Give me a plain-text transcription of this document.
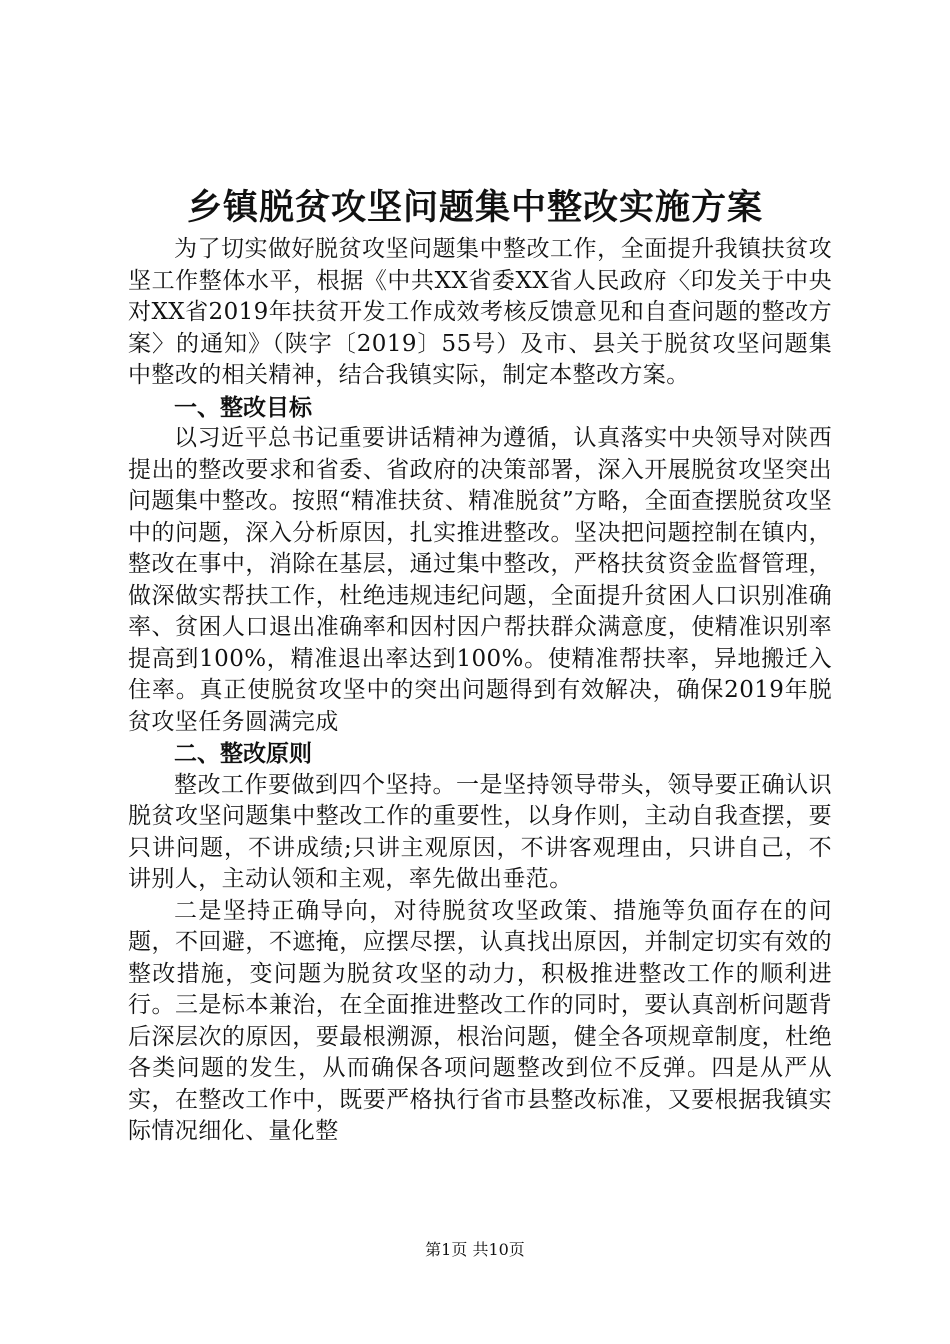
乡镇脱贫攻坚问题集中整改实施方案

为了切实做好脱贫攻坚问题集中整改工作，全面提升我镇扶贫攻坚工作整体水平，根据《中共XX省委XX省人民政府〈印发关于中央对XX省2019年扶贫开发工作成效考核反馈意见和自查问题的整改方案〉的通知》（陕字〔2019〕55号）及市、县关于脱贫攻坚问题集中整改的相关精神，结合我镇实际，制定本整改方案。

一、整改目标

以习近平总书记重要讲话精神为遵循，认真落实中央领导对陕西提出的整改要求和省委、省政府的决策部署，深入开展脱贫攻坚突出问题集中整改。按照“精准扶贫、精准脱贫”方略，全面查摆脱贫攻坚中的问题，深入分析原因，扎实推进整改。坚决把问题控制在镇内，整改在事中，消除在基层，通过集中整改，严格扶贫资金监督管理，做深做实帮扶工作，杜绝违规违纪问题，全面提升贫困人口识别准确率、贫困人口退出准确率和因村因户帮扶群众满意度，使精准识别率提高到100%，精准退出率达到100%。使精准帮扶率，异地搬迁入住率。真正使脱贫攻坚中的突出问题得到有效解决，确保2019年脱贫攻坚任务圆满完成

二、整改原则

整改工作要做到四个坚持。一是坚持领导带头，领导要正确认识脱贫攻坚问题集中整改工作的重要性，以身作则，主动自我查摆，要只讲问题，不讲成绩;只讲主观原因，不讲客观理由，只讲自己，不讲别人，主动认领和主观，率先做出垂范。

二是坚持正确导向，对待脱贫攻坚政策、措施等负面存在的问题，不回避，不遮掩，应摆尽摆，认真找出原因，并制定切实有效的整改措施，变问题为脱贫攻坚的动力，积极推进整改工作的顺利进行。三是标本兼治，在全面推进整改工作的同时，要认真剖析问题背后深层次的原因，要最根溯源，根治问题，健全各项规章制度，杜绝各类问题的发生，从而确保各项问题整改到位不反弹。四是从严从实，在整改工作中，既要严格执行省市县整改标准，又要根据我镇实际情况细化、量化整

第1页 共10页
